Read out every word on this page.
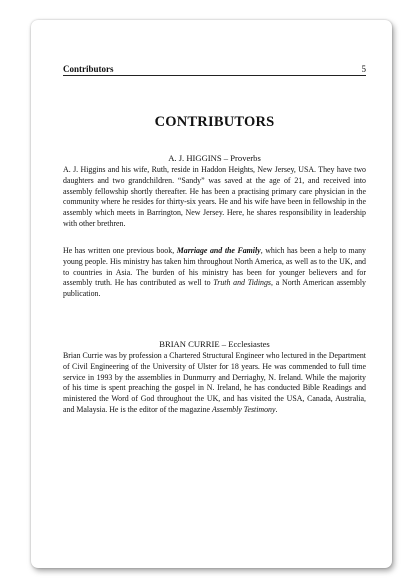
Contributors	5
CONTRIBUTORS
A. J. HIGGINS – Proverbs

A. J. Higgins and his wife, Ruth, reside in Haddon Heights, New Jersey, USA. They have two daughters and two grandchildren. “Sandy” was saved at the age of 21, and received into assembly fellowship shortly thereafter. He has been a practising primary care physician in the community where he resides for thirty-six years. He and his wife have been in fellowship in the assembly which meets in Barrington, New Jersey. Here, he shares responsibility in leadership with other brethren.

He has written one previous book, Marriage and the Family, which has been a help to many young people. His ministry has taken him throughout North America, as well as to the UK, and to countries in Asia. The burden of his ministry has been for younger believers and for assembly truth. He has contributed as well to Truth and Tidings, a North American assembly publication.

BRIAN CURRIE – Ecclesiastes

Brian Currie was by profession a Chartered Structural Engineer who lectured in the Department of Civil Engineering of the University of Ulster for 18 years. He was commended to full time service in 1993 by the assemblies in Dunmurry and Derriaghy, N. Ireland. While the majority of his time is spent preaching the gospel in N. Ireland, he has conducted Bible Readings and ministered the Word of God throughout the UK, and has visited the USA, Canada, Australia, and Malaysia. He is the editor of the magazine Assembly Testimony.
